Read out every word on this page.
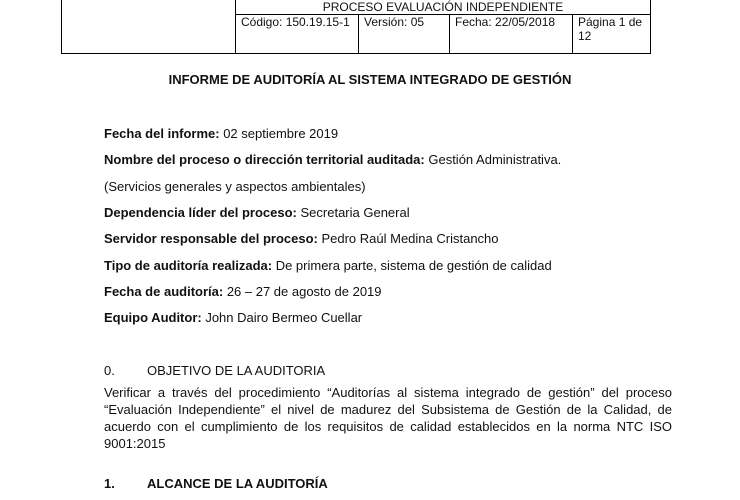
	PROCESO EVALUACIÓN INDEPENDIENTE			
	Código: 150.19.15-1	Versión: 05	Fecha: 22/05/2018	Página 1 de 12
INFORME DE AUDITORÍA AL SISTEMA INTEGRADO DE GESTIÓN
Fecha del informe: 02 septiembre 2019
Nombre del proceso o dirección territorial auditada: Gestión Administrativa.
(Servicios generales y aspectos ambientales)
Dependencia líder del proceso: Secretaria General
Servidor responsable del proceso: Pedro Raúl Medina Cristancho
Tipo de auditoría realizada: De primera parte, sistema de gestión de calidad
Fecha de auditoría: 26 – 27 de agosto de 2019
Equipo Auditor: John Dairo Bermeo Cuellar
0. OBJETIVO DE LA AUDITORIA
Verificar a través del procedimiento “Auditorías al sistema integrado de gestión” del proceso “Evaluación Independiente” el nivel de madurez del Subsistema de Gestión de la Calidad, de acuerdo con el cumplimiento de los requisitos de calidad establecidos en la norma NTC ISO 9001:2015
1. ALCANCE DE LA AUDITORÍA
